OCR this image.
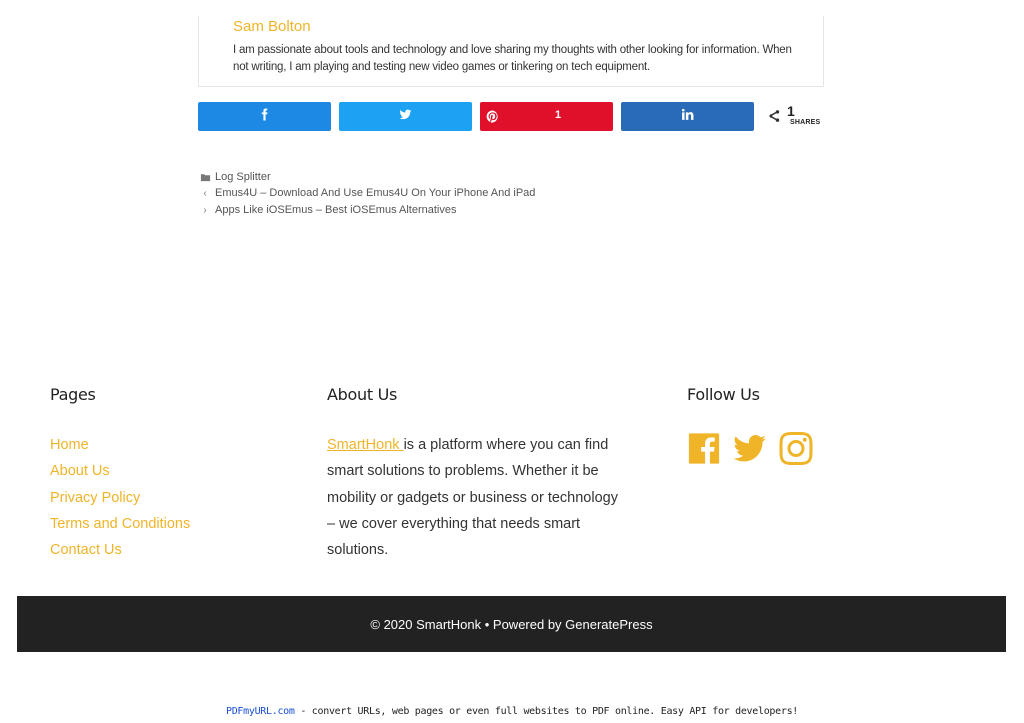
Sam Bolton
I am passionate about tools and technology and love sharing my thoughts with other looking for information. When not writing, I am playing and testing new video games or tinkering on tech equipment.
1	1
SHARES
Log Splitter
‹ Emus4U – Download And Use Emus4U On Your iPhone And iPad
› Apps Like iOSEmus – Best iOSEmus Alternatives
Pages
Home
About Us
Privacy Policy
Terms and Conditions
Contact Us
About Us
SmartHonk is a platform where you can find smart solutions to problems. Whether it be mobility or gadgets or business or technology – we cover everything that needs smart solutions.
Follow Us
© 2020 SmartHonk • Powered by GeneratePress
PDFmyURL.com - convert URLs, web pages or even full websites to PDF online. Easy API for developers!
